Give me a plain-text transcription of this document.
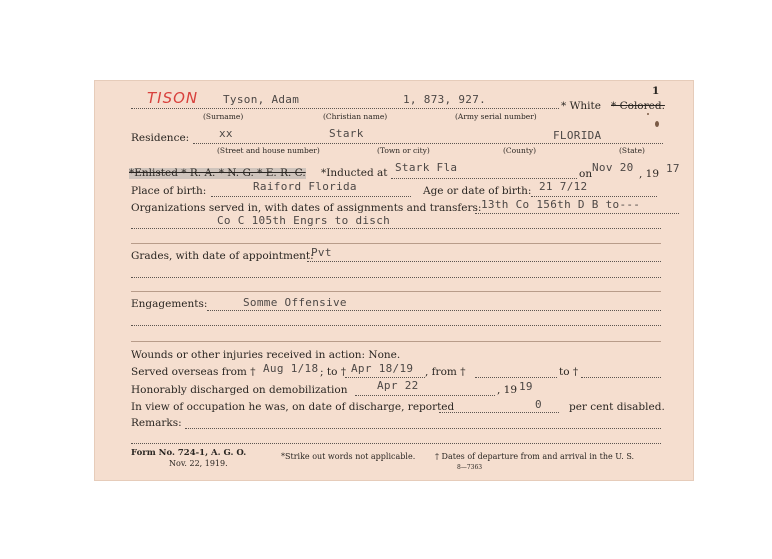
TISON Tyson, Adam	1, 873, 927.	* White * Colored.
1
(Surname)	(Christian name)	(Army serial number)
Residence:	xx	Stark	FLORIDA
(Street and house number)	(Town or city)	(County)	(State)
*Enlisted * R. A. * N. G. * E. R. C. *Inducted at Stark Fla	on Nov 20 , 19 17
Place of birth:	Raiford Florida	Age or date of birth: 21 7/12
Organizations served in, with dates of assignments and transfers: 13th Co 156th D B to---
Co C 105th Engrs to disch
Grades, with date of appointment:
Pvt
Engagements:	Somme Offensive
Wounds or other injuries received in action: None.
Served overseas from † Aug 1/18 ; to † Apr 18/19 , from †	to †
Honorably discharged on demobilization	Apr 22	, 19 19
In view of occupation he was, on date of discharge, reported	0	per cent disabled.
Remarks:
Form No. 724-1, A. G. O.
Nov. 22, 1919.
*Strike out words not applicable. † Dates of departure from and arrival in the U. S.
8—7363
